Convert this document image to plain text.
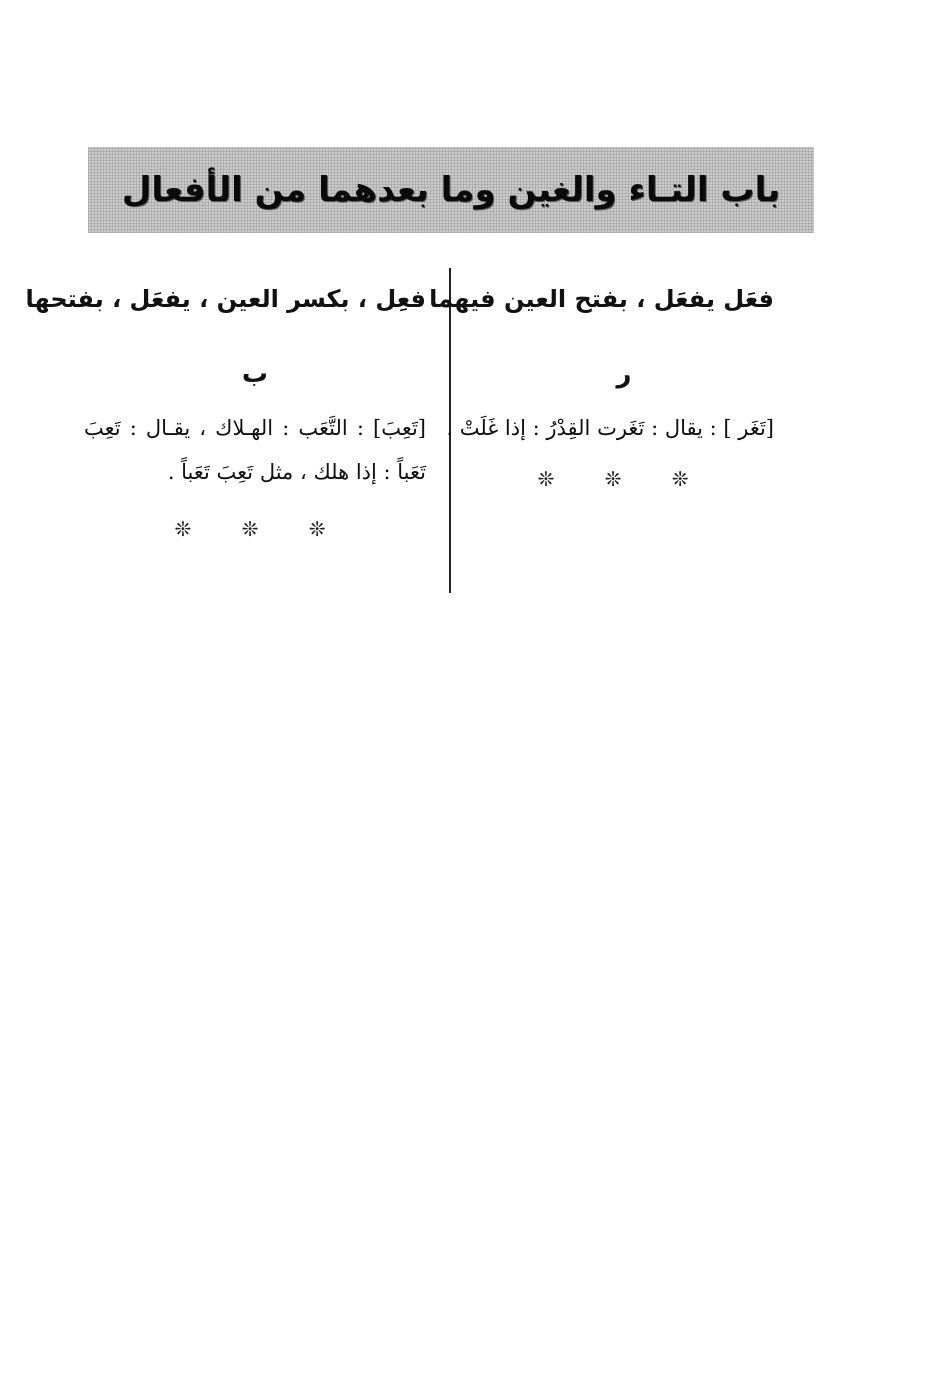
باب التـاء والغين وما بعدهما من الأفعال
فعَل يفعَل ، بفتح العين فيهما
ر
[تَغَر ] : يقال : تَغَرت القِدْرُ : إذا غَلَتْ .
❊ ❊ ❊
فعِل ، بكسر العين ، يفعَل ، بفتحها
ب
[تَعِبَ] : التَّعَب : الهـلاك ، يقـال : تَعِبَ تَعَباً : إذا هلك ، مثل تَعِبَ تَعَباً .
❊ ❊ ❊
